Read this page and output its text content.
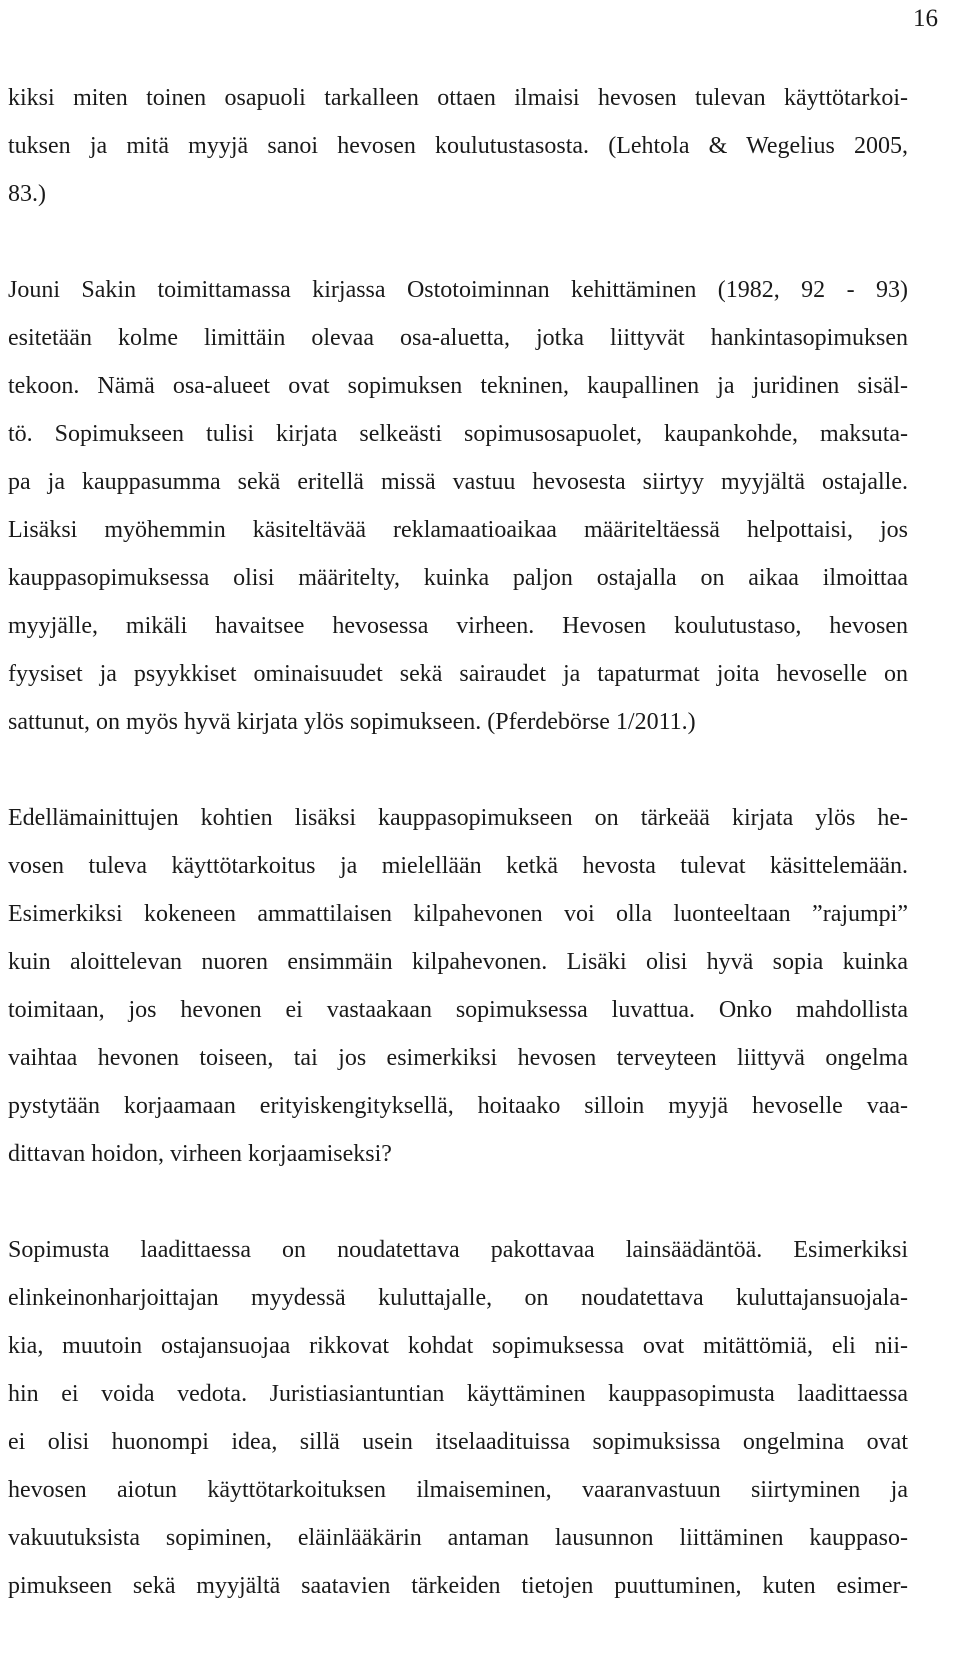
16
kiksi miten toinen osapuoli tarkalleen ottaen ilmaisi hevosen tulevan käyttötarkoi-
tuksen ja mitä myyjä sanoi hevosen koulutustasosta. (Lehtola & Wegelius 2005,
83.)
Jouni Sakin toimittamassa kirjassa Ostotoiminnan kehittäminen (1982, 92 - 93)
esitetään kolme limittäin olevaa osa-aluetta, jotka liittyvät hankintasopimuksen
tekoon. Nämä osa-alueet ovat sopimuksen tekninen, kaupallinen ja juridinen sisäl-
tö. Sopimukseen tulisi kirjata selkeästi sopimusosapuolet, kaupankohde, maksuta-
pa ja kauppasumma sekä eritellä missä vastuu hevosesta siirtyy myyjältä ostajalle.
Lisäksi myöhemmin käsiteltävää reklamaatioaikaa määriteltäessä helpottaisi, jos
kauppasopimuksessa olisi määritelty, kuinka paljon ostajalla on aikaa ilmoittaa
myyjälle, mikäli havaitsee hevosessa virheen. Hevosen koulutustaso, hevosen
fyysiset ja psyykkiset ominaisuudet sekä sairaudet ja tapaturmat joita hevoselle on
sattunut, on myös hyvä kirjata ylös sopimukseen. (Pferdebörse 1/2011.)
Edellämainittujen kohtien lisäksi kauppasopimukseen on tärkeää kirjata ylös he-
vosen tuleva käyttötarkoitus ja mielellään ketkä hevosta tulevat käsittelemään.
Esimerkiksi kokeneen ammattilaisen kilpahevonen voi olla luonteeltaan ”rajumpi”
kuin aloittelevan nuoren ensimmäin kilpahevonen. Lisäki olisi hyvä sopia kuinka
toimitaan, jos hevonen ei vastaakaan sopimuksessa luvattua. Onko mahdollista
vaihtaa hevonen toiseen, tai jos esimerkiksi hevosen terveyteen liittyvä ongelma
pystytään korjaamaan erityiskengityksellä, hoitaako silloin myyjä hevoselle vaa-
dittavan hoidon, virheen korjaamiseksi?
Sopimusta laadittaessa on noudatettava pakottavaa lainsäädäntöä. Esimerkiksi
elinkeinonharjoittajan myydessä kuluttajalle, on noudatettava kuluttajansuojala-
kia, muutoin ostajansuojaa rikkovat kohdat sopimuksessa ovat mitättömiä, eli nii-
hin ei voida vedota. Juristiasiantuntian käyttäminen kauppasopimusta laadittaessa
ei olisi huonompi idea, sillä usein itselaadituissa sopimuksissa ongelmina ovat
hevosen aiotun käyttötarkoituksen ilmaiseminen, vaaranvastuun siirtyminen ja
vakuutuksista sopiminen, eläinlääkärin antaman lausunnon liittäminen kauppaso-
pimukseen sekä myyjältä saatavien tärkeiden tietojen puuttuminen, kuten esimer-
